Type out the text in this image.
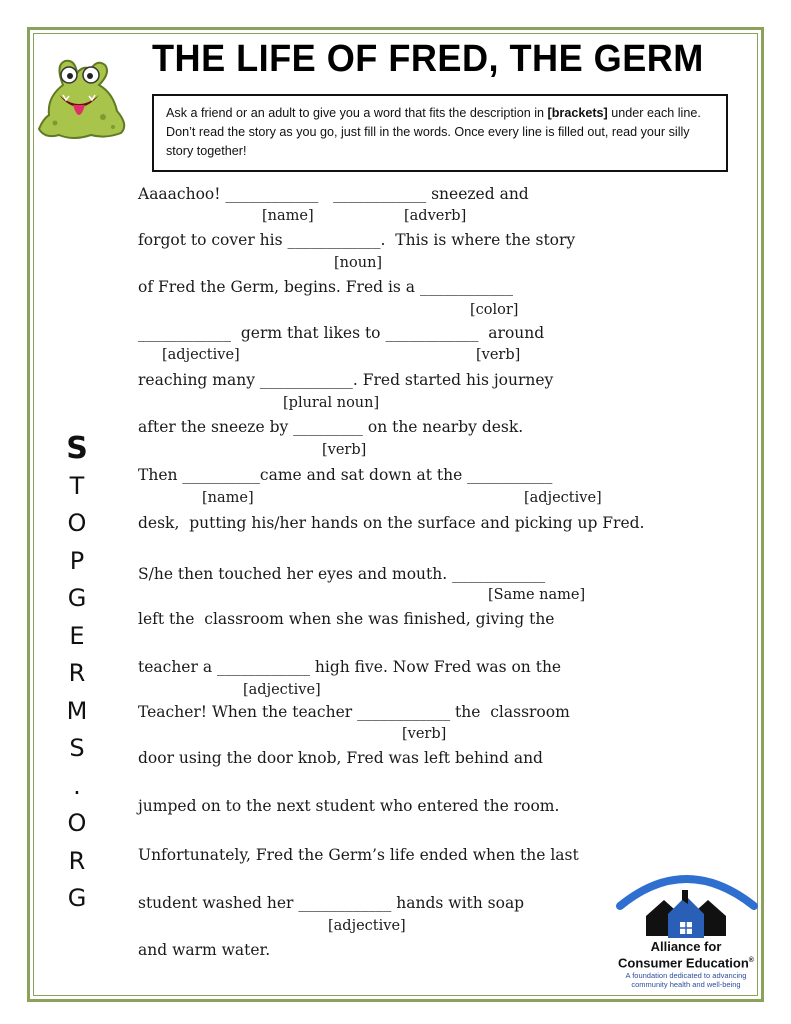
THE LIFE OF FRED, THE GERM
Ask a friend or an adult to give you a word that fits the description in [brackets] under each line. Don’t read the story as you go, just fill in the words. Once every line is filled out, read your silly story together!
S
T
O
P
G
E
R
M
S
.
O
R
G
Aaaachoo! ____________   ____________ sneezed and
[name]	[adverb]
forgot to cover his ____________.  This is where the story
[noun]
of Fred the Germ, begins. Fred is a ____________
[color]
____________  germ that likes to ____________  around
[adjective]	[verb]
reaching many ____________. Fred started his journey
[plural noun]
after the sneeze by _________ on the nearby desk.
[verb]
Then __________came and sat down at the ___________
[name]	[adjective]
desk,  putting his/her hands on the surface and picking up Fred.
S/he then touched her eyes and mouth. ____________
[Same name]
left the  classroom when she was finished, giving the
teacher a ____________ high five. Now Fred was on the
[adjective]
Teacher! When the teacher ____________ the  classroom
[verb]
door using the door knob, Fred was left behind and
jumped on to the next student who entered the room.
Unfortunately, Fred the Germ’s life ended when the last
student washed her ____________ hands with soap
[adjective]
and warm water.	Alliance for
Consumer Education®
A foundation dedicated to advancing
community health and well-being
